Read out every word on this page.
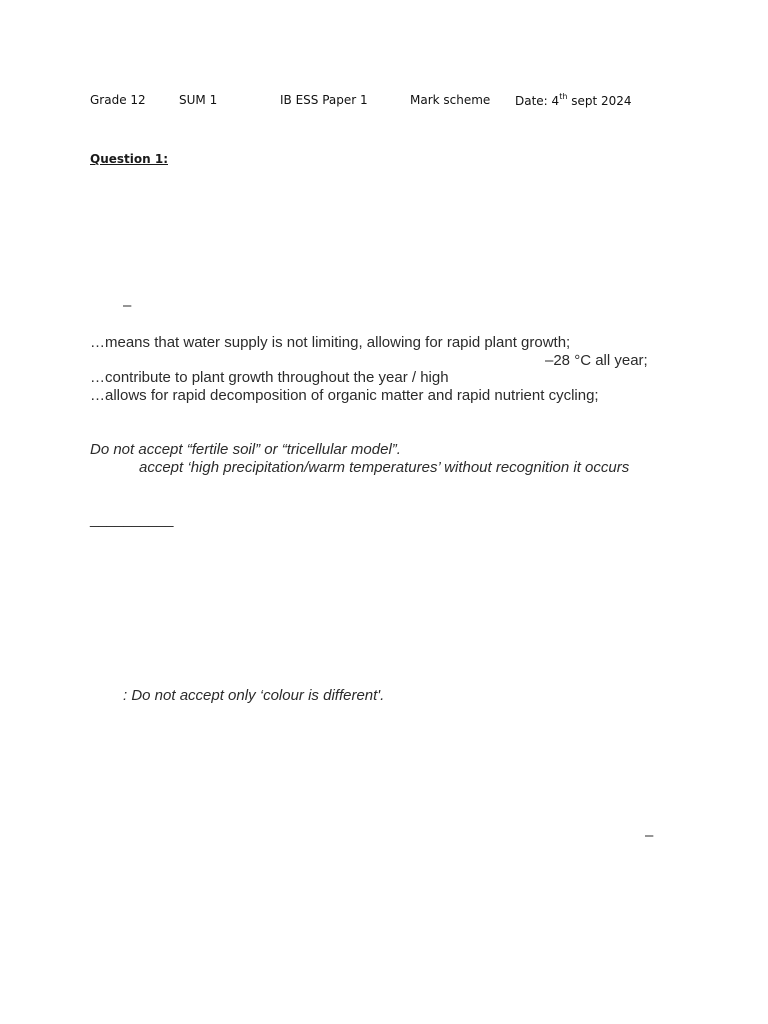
Grade 12	SUM 1	IB ESS Paper 1	Mark scheme Date: 4th sept 2024
Question 1:
–
…means that water supply is not limiting, allowing for rapid plant growth;
–28 °C all year;
…contribute to plant growth throughout the year / high
…allows for rapid decomposition of organic matter and rapid nutrient cycling;
Do not accept “fertile soil” or “tricellular model”.
accept ‘high precipitation/warm temperatures’ without recognition it occurs
__________
: Do not accept only ‘colour is different'.
–
